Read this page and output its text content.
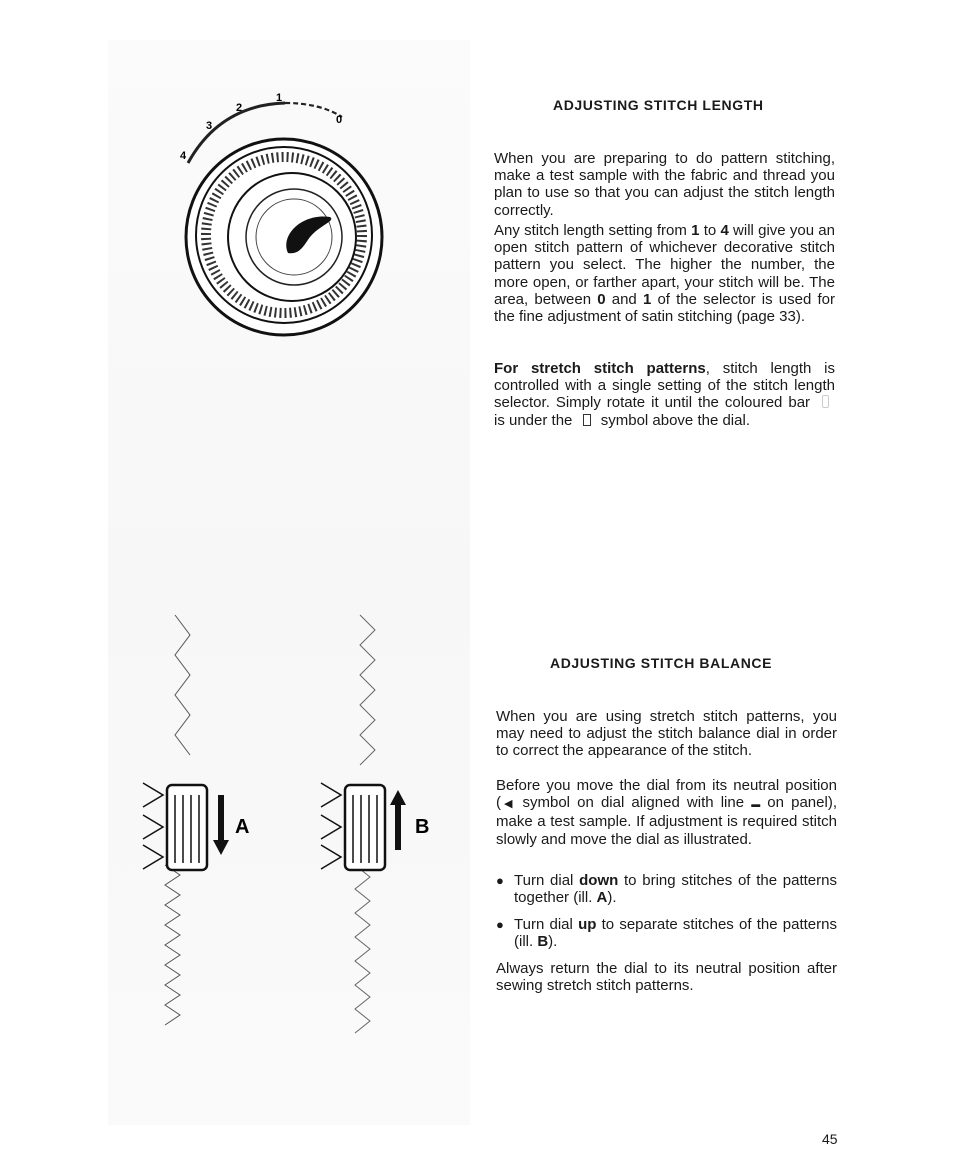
0
1
2
3
4
A	B
ADJUSTING STITCH LENGTH

When you are preparing to do pattern stitching, make a test sample with the fabric and thread you plan to use so that you can adjust the stitch length correctly.

Any stitch length setting from 1 to 4 will give you an open stitch pattern of whichever decorative stitch pattern you select. The higher the number, the more open, or farther apart, your stitch will be. The area, between 0 and 1 of the selector is used for the fine adjustment of satin stitching (page 33).

For stretch stitch patterns, stitch length is controlled with a single setting of the stitch length selector. Simply rotate it until the coloured bar  is under the  symbol above the dial.

ADJUSTING STITCH BALANCE

When you are using stretch stitch patterns, you may need to adjust the stitch balance dial in order to correct the appearance of the stitch.

Before you move the dial from its neutral position (◀ symbol on dial aligned with line ▬ on panel), make a test sample. If adjustment is required stitch slowly and move the dial as illustrated.

● Turn dial down to bring stitches of the patterns together (ill. A).
● Turn dial up to separate stitches of the patterns (ill. B).

Always return the dial to its neutral position after sewing stretch stitch patterns.

45
